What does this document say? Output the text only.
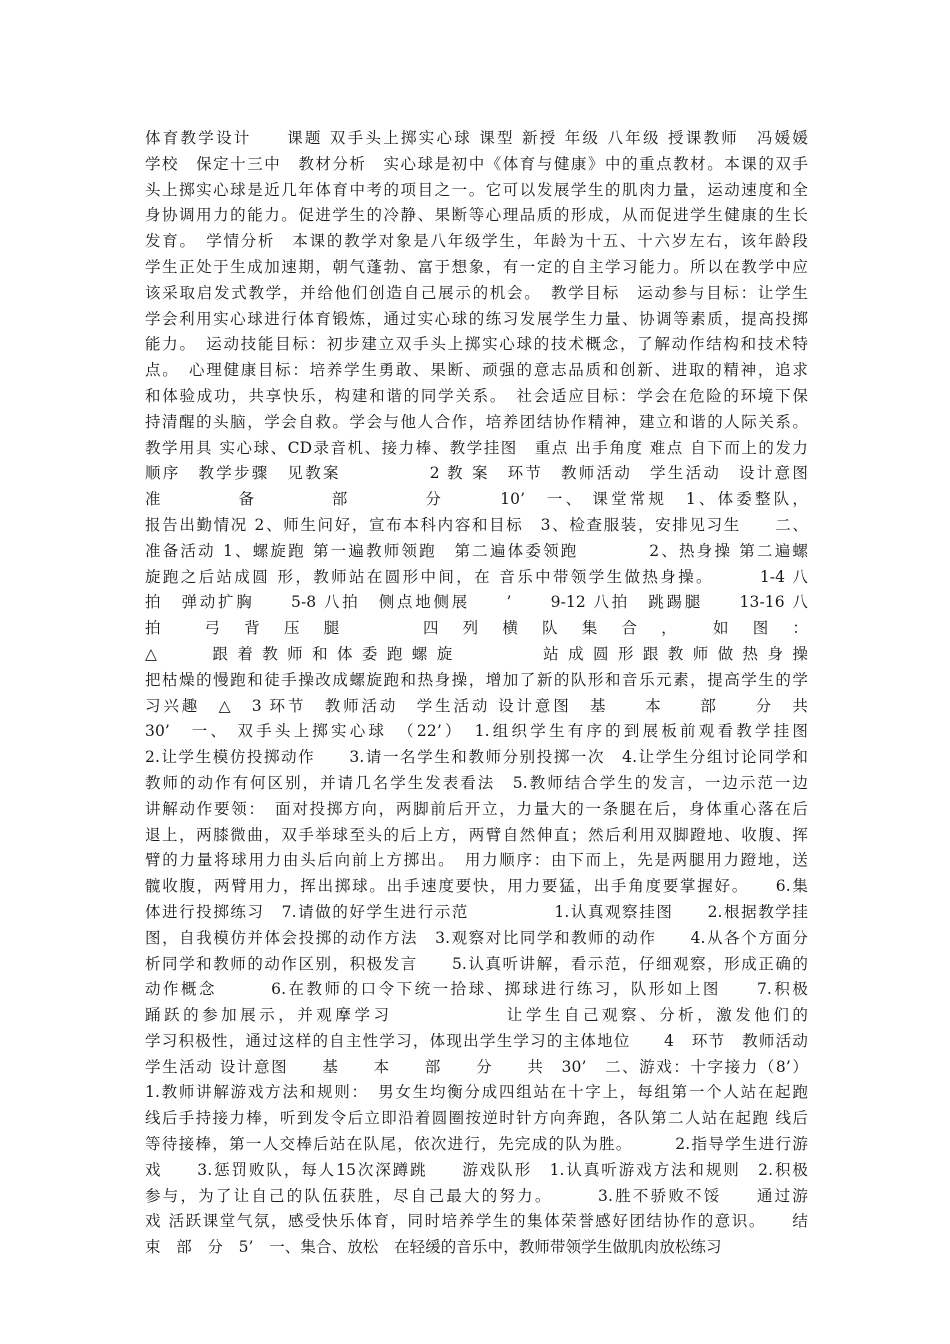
体育教学设计　　课题 双手头上掷实心球 课型 新授 年级 八年级 授课教师　冯媛媛
学校　保定十三中　教材分析　实心球是初中《体育与健康》中的重点教材。本课的双手
头上掷实心球是近几年体育中考的项目之一。它可以发展学生的肌肉力量，运动速度和全
身协调用力的能力。促进学生的冷静、果断等心理品质的形成，从而促进学生健康的生长
发育。　学情分析　本课的教学对象是八年级学生，年龄为十五、十六岁左右，该年龄段
学生正处于生成加速期，朝气蓬勃、富于想象，有一定的自主学习能力。所以在教学中应
该采取启发式教学，并给他们创造自己展示的机会。　教学目标　运动参与目标：让学生
学会利用实心球进行体育锻炼，通过实心球的练习发展学生力量、协调等素质，提高投掷
能力。　运动技能目标：初步建立双手头上掷实心球的技术概念，了解动作结构和技术特
点。　心理健康目标：培养学生勇敢、果断、顽强的意志品质和创新、进取的精神，追求
和体验成功，共享快乐，构建和谐的同学关系。　社会适应目标：学会在危险的环境下保
持清醒的头脑，学会自救。学会与他人合作，培养团结协作精神，建立和谐的人际关系。
教学用具 实心球、CD录音机、接力棒、教学挂图　重点 出手角度 难点 自下而上的发力
顺序　教学步骤　见教案　　　　　2 教 案　环节　教师活动　学生活动　设计意图
准　　　　备　　　　部　　　　分　　　10’　一、 课堂常规　1、体委整队，
报告出勤情况 2、师生问好，宣布本科内容和目标　3、检查服装，安排见习生　　二、
准备活动 1、螺旋跑 第一遍教师领跑　第二遍体委领跑　　　　2、热身操 第二遍螺
旋跑之后站成圆 形，教师站在圆形中间，在 音乐中带领学生做热身操。　　　1-4 八
拍　弹动扩胸　　5-8 八拍　侧点地侧展　　’　　9-12 八拍　跳踢腿　　13-16 八
拍　　弓　背　压　腿　　　　四　列　横　队　集　合　，　　如　图　：
△　　　跟 着 教 师 和 体 委 跑 螺 旋　　　　　站 成 圆 形 跟 教 师 做 热 身 操
把枯燥的慢跑和徒手操改成螺旋跑和热身操，增加了新的队形和音乐元素，提高学生的学
习兴趣　△　3 环节　教师活动　学生活动 设计意图　基　　本　　部　　分　共
30’　一、 双手头上掷实心球　（22’）　1.组织学生有序的到展板前观看教学挂图
2.让学生模仿投掷动作　　3.请一名学生和教师分别投掷一次　4.让学生分组讨论同学和
教师的动作有何区别，并请几名学生发表看法　5.教师结合学生的发言，一边示范一边
讲解动作要领：　面对投掷方向，两脚前后开立，力量大的一条腿在后，身体重心落在后
退上，两膝微曲，双手举球至头的后上方，两臂自然伸直；然后利用双脚蹬地、收腹、挥
臂的力量将球用力由头后向前上方掷出。　用力顺序：由下而上，先是两腿用力蹬地，送
髋收腹，两臂用力，挥出掷球。出手速度要快，用力要猛，出手角度要掌握好。　　6.集
体进行投掷练习　7.请做的好学生进行示范　　　　　1.认真观察挂图　　2.根据教学挂
图，自我模仿并体会投掷的动作方法　3.观察对比同学和教师的动作　　4.从各个方面分
析同学和教师的动作区别，积极发言　　5.认真听讲解，看示范，仔细观察，形成正确的
动作概念　　　6.在教师的口令下统一拾球、掷球进行练习，队形如上图　　7.积极
踊跃的参加展示，并观摩学习　　　　　　让学生自己观察、分析，激发他们的
学习积极性，通过这样的自主性学习，体现出学生学习的主体地位　　4　环节　教师活动
学生活动 设计意图　　基　　本　　部　　分　　共　30’　二、游戏：十字接力（8’）
1.教师讲解游戏方法和规则：　男女生均衡分成四组站在十字上，每组第一个人站在起跑
线后手持接力棒，听到发令后立即沿着圆圈按逆时针方向奔跑，各队第二人站在起跑 线后
等待接棒，第一人交棒后站在队尾，依次进行，先完成的队为胜。　　　2.指导学生进行游
戏　　3.惩罚败队，每人15次深蹲跳　　游戏队形　1.认真听游戏方法和规则　2.积极
参与，为了让自己的队伍获胜，尽自己最大的努力。　　　3.胜不骄败不馁　　通过游
戏 活跃课堂气氛，感受快乐体育，同时培养学生的集体荣誉感好团结协作的意识。　　结
束　部　分　5’　一、集合、放松　在轻缓的音乐中，教师带领学生做肌肉放松练习
